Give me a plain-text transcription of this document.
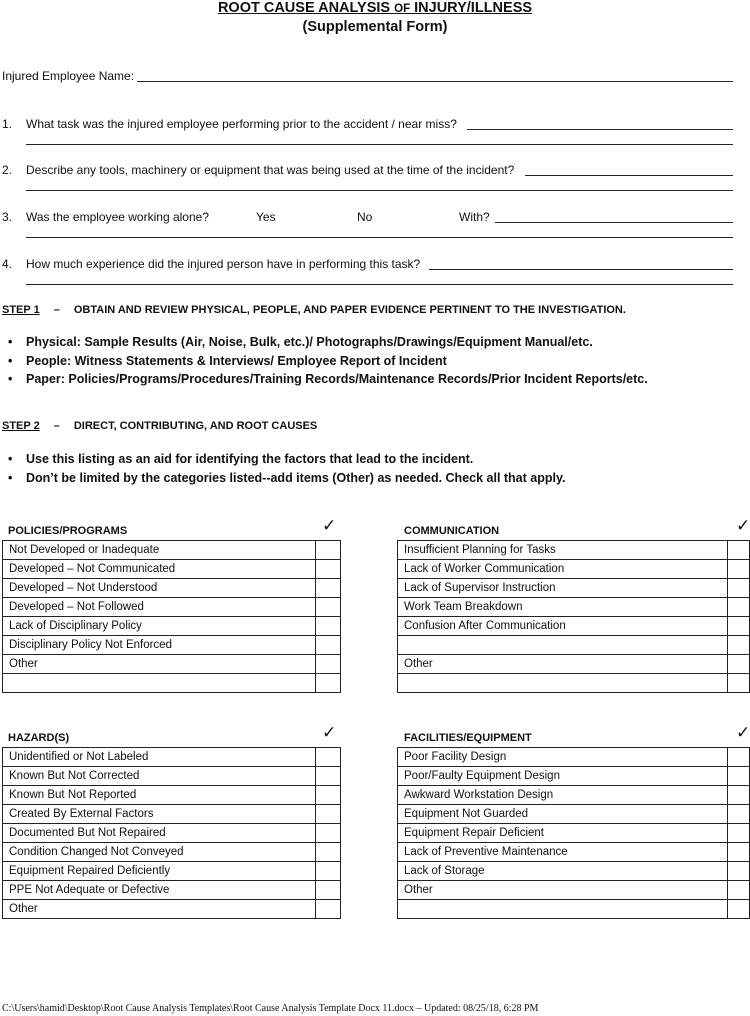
ROOT CAUSE ANALYSIS OF INJURY/ILLNESS
(Supplemental Form)
Injured Employee Name:
1. What task was the injured employee performing prior to the accident / near miss?
2. Describe any tools, machinery or equipment that was being used at the time of the incident?
3. Was the employee working alone?	Yes	No	With?
4. How much experience did the injured person have in performing this task?
STEP 1 – OBTAIN AND REVIEW PHYSICAL, PEOPLE, AND PAPER EVIDENCE PERTINENT TO THE INVESTIGATION.
• Physical: Sample Results (Air, Noise, Bulk, etc.)/ Photographs/Drawings/Equipment Manual/etc.
• People: Witness Statements & Interviews/ Employee Report of Incident
• Paper: Policies/Programs/Procedures/Training Records/Maintenance Records/Prior Incident Reports/etc.
STEP 2 – DIRECT, CONTRIBUTING, AND ROOT CAUSES
• Use this listing as an aid for identifying the factors that lead to the incident.
• Don’t be limited by the categories listed--add items (Other) as needed. Check all that apply.
POLICIES/PROGRAMS	✓
Not Developed or Inadequate	
Developed – Not Communicated	
Developed – Not Understood	
Developed – Not Followed	
Lack of Disciplinary Policy	
Disciplinary Policy Not Enforced	
Other	

COMMUNICATION	✓
Insufficient Planning for Tasks	
Lack of Worker Communication	
Lack of Supervisor Instruction	
Work Team Breakdown	
Confusion After Communication	

Other	

HAZARD(S)	✓
Unidentified or Not Labeled	
Known But Not Corrected	
Known But Not Reported	
Created By External Factors	
Documented But Not Repaired	
Condition Changed Not Conveyed	
Equipment Repaired Deficiently	
PPE Not Adequate or Defective	
Other	
FACILITIES/EQUIPMENT	✓
Poor Facility Design	
Poor/Faulty Equipment Design	
Awkward Workstation Design	
Equipment Not Guarded	
Equipment Repair Deficient	
Lack of Preventive Maintenance	
Lack of Storage	
Other	

C:\Users\hamid\Desktop\Root Cause Analysis Templates\Root Cause Analysis Template Docx 11.docx – Updated: 08/25/18, 6:28 PM
